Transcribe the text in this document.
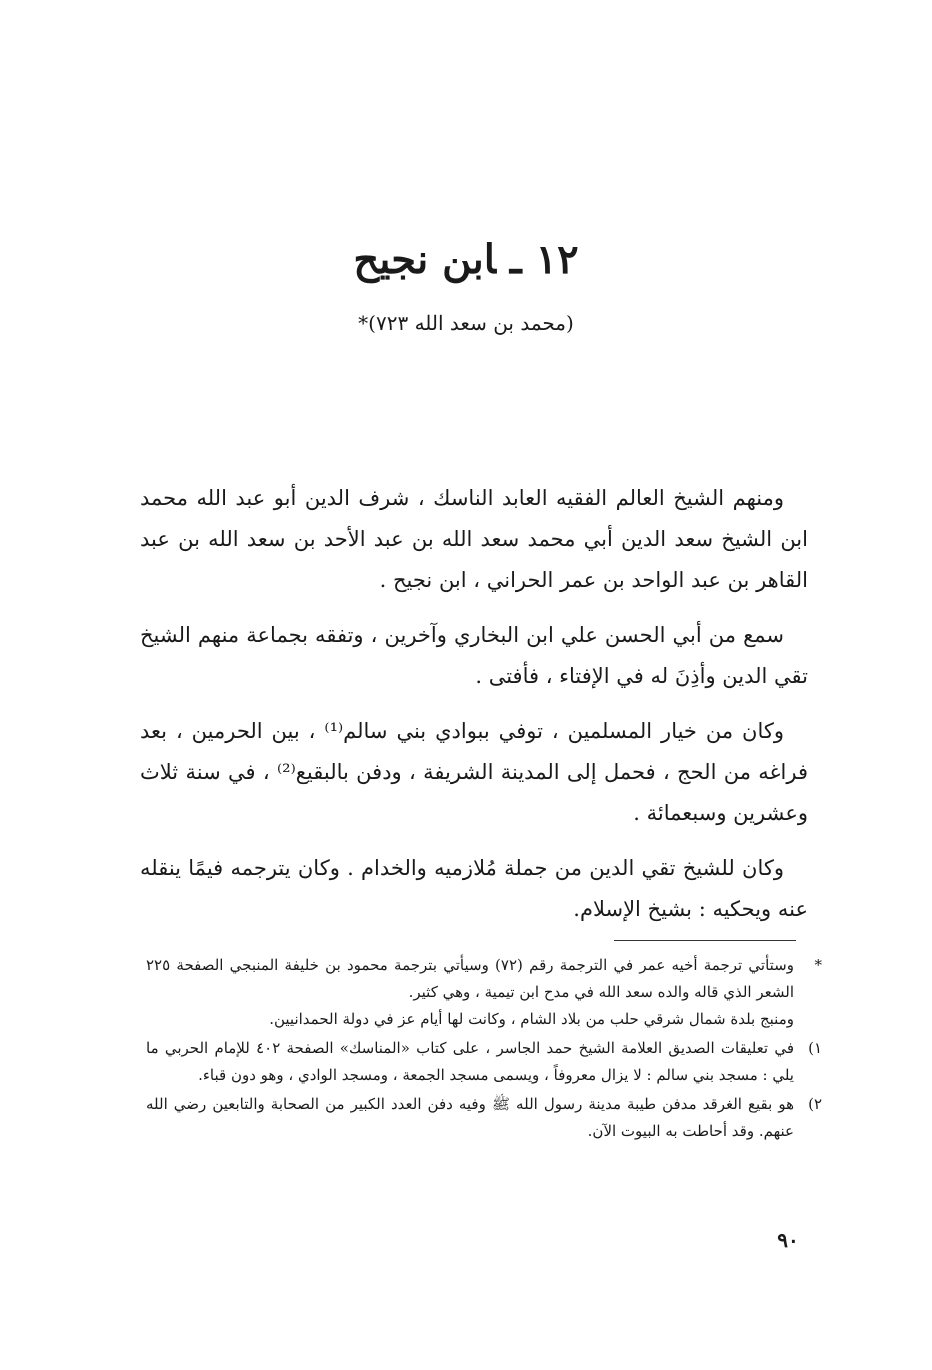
١٢ـابن نجيح
(محمد بن سعد الله ٧٢٣)*

ومنهم الشيخ العالم الفقيه العابد الناسك ، شرف الدين أبو عبد الله محمد ابن الشيخ سعد الدين أبي محمد سعد الله بن عبد الأحد بن سعد الله بن عبد القاهر بن عبد الواحد بن عمر الحراني ، ابن نجيح .

سمع من أبي الحسن علي ابن البخاري وآخرين ، وتفقه بجماعة منهم الشيخ تقي الدين وأذِنَ له في الإفتاء ، فأفتى .

وكان من خيار المسلمين ، توفي ببوادي بني سالم⁽¹⁾ ، بين الحرمين ، بعد فراغه من الحج ، فحمل إلى المدينة الشريفة ، ودفن بالبقيع⁽²⁾ ، في سنة ثلاث وعشرين وسبعمائة .

وكان للشيخ تقي الدين من جملة مُلازميه والخدام . وكان يترجمه فيمًا ينقله عنه ويحكيه : بشيخ الإسلام.

*
وستأتي ترجمة أخيه عمر في الترجمة رقم (٧٢) وسيأتي بترجمة محمود بن خليفة المنبجي الصفحة ٢٢٥ الشعر الذي قاله والده سعد الله في مدح ابن تيمية ، وهي كثير.
ومنبج بلدة شمال شرقي حلب من بلاد الشام ، وكانت لها أيام عز في دولة الحمدانيين.
١)
في تعليقات الصديق العلامة الشيخ حمد الجاسر ، على كتاب «المناسك» الصفحة ٤٠٢ للإمام الحربي ما يلي : مسجد بني سالم : لا يزال معروفاً ، ويسمى مسجد الجمعة ، ومسجد الوادي ، وهو دون قباء.
٢)
هو بقيع الغرقد مدفن طيبة مدينة رسول الله ﷺ وفيه دفن العدد الكبير من الصحابة والتابعين رضي الله عنهم. وقد أحاطت به البيوت الآن.
٩٠
